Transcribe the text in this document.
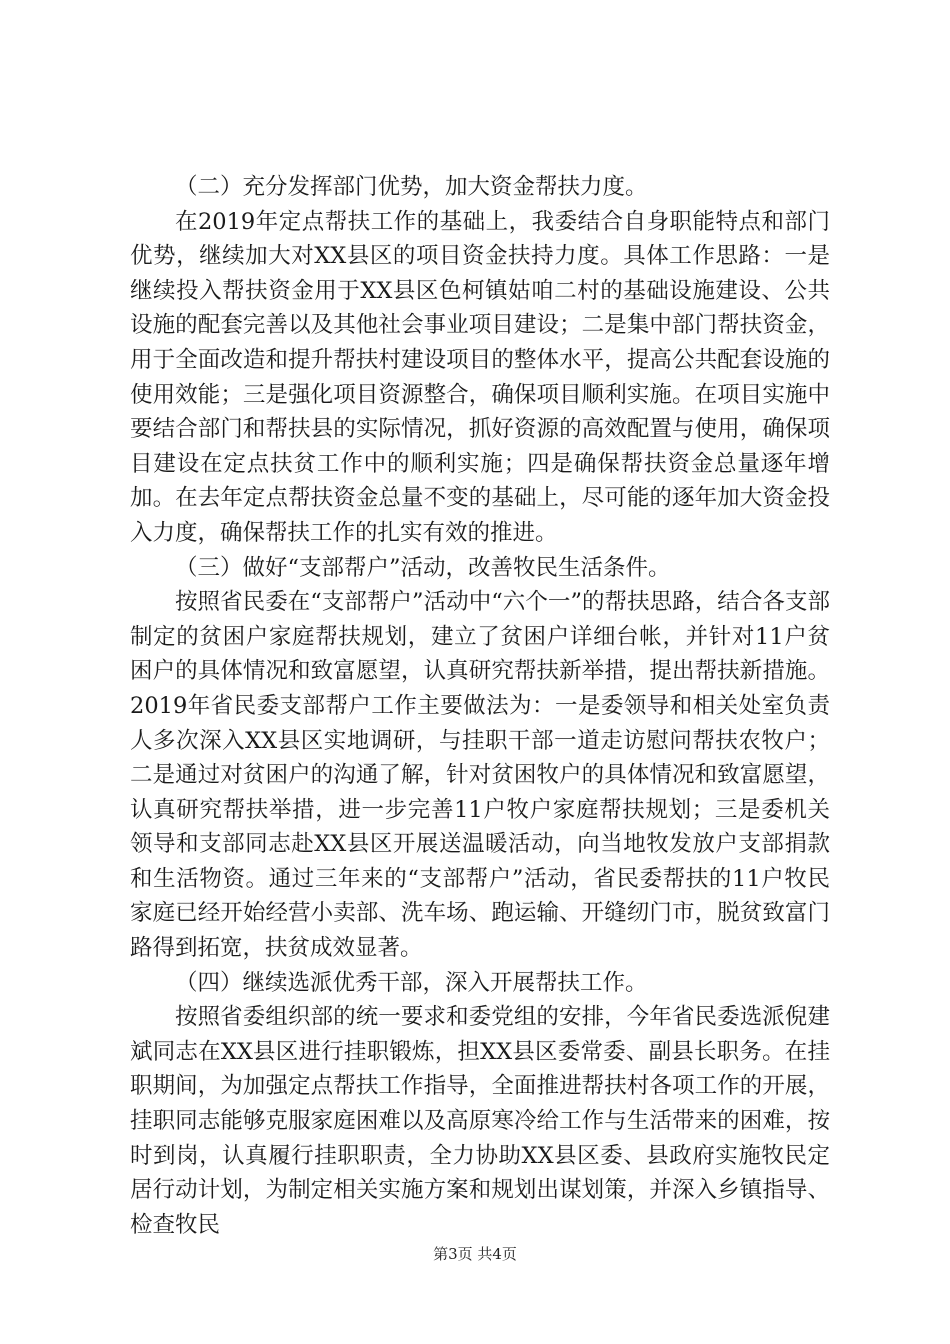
（二）充分发挥部门优势，加大资金帮扶力度。

在2019年定点帮扶工作的基础上，我委结合自身职能特点和部门优势，继续加大对XX县区的项目资金扶持力度。具体工作思路：一是继续投入帮扶资金用于XX县区色柯镇姑咱二村的基础设施建设、公共设施的配套完善以及其他社会事业项目建设；二是集中部门帮扶资金，用于全面改造和提升帮扶村建设项目的整体水平，提高公共配套设施的使用效能；三是强化项目资源整合，确保项目顺利实施。在项目实施中要结合部门和帮扶县的实际情况，抓好资源的高效配置与使用，确保项目建设在定点扶贫工作中的顺利实施；四是确保帮扶资金总量逐年增加。在去年定点帮扶资金总量不变的基础上，尽可能的逐年加大资金投入力度，确保帮扶工作的扎实有效的推进。

（三）做好“支部帮户”活动，改善牧民生活条件。

按照省民委在“支部帮户”活动中“六个一”的帮扶思路，结合各支部制定的贫困户家庭帮扶规划，建立了贫困户详细台帐，并针对11户贫困户的具体情况和致富愿望，认真研究帮扶新举措，提出帮扶新措施。2019年省民委支部帮户工作主要做法为：一是委领导和相关处室负责人多次深入XX县区实地调研，与挂职干部一道走访慰问帮扶农牧户；二是通过对贫困户的沟通了解，针对贫困牧户的具体情况和致富愿望，认真研究帮扶举措，进一步完善11户牧户家庭帮扶规划；三是委机关领导和支部同志赴XX县区开展送温暖活动，向当地牧发放户支部捐款和生活物资。通过三年来的“支部帮户”活动，省民委帮扶的11户牧民家庭已经开始经营小卖部、洗车场、跑运输、开缝纫门市，脱贫致富门路得到拓宽，扶贫成效显著。

（四）继续选派优秀干部，深入开展帮扶工作。

按照省委组织部的统一要求和委党组的安排，今年省民委选派倪建斌同志在XX县区进行挂职锻炼，担XX县区委常委、副县长职务。在挂职期间，为加强定点帮扶工作指导，全面推进帮扶村各项工作的开展，挂职同志能够克服家庭困难以及高原寒冷给工作与生活带来的困难，按时到岗，认真履行挂职职责，全力协助XX县区委、县政府实施牧民定居行动计划，为制定相关实施方案和规划出谋划策，并深入乡镇指导、检查牧民

第3页 共4页
